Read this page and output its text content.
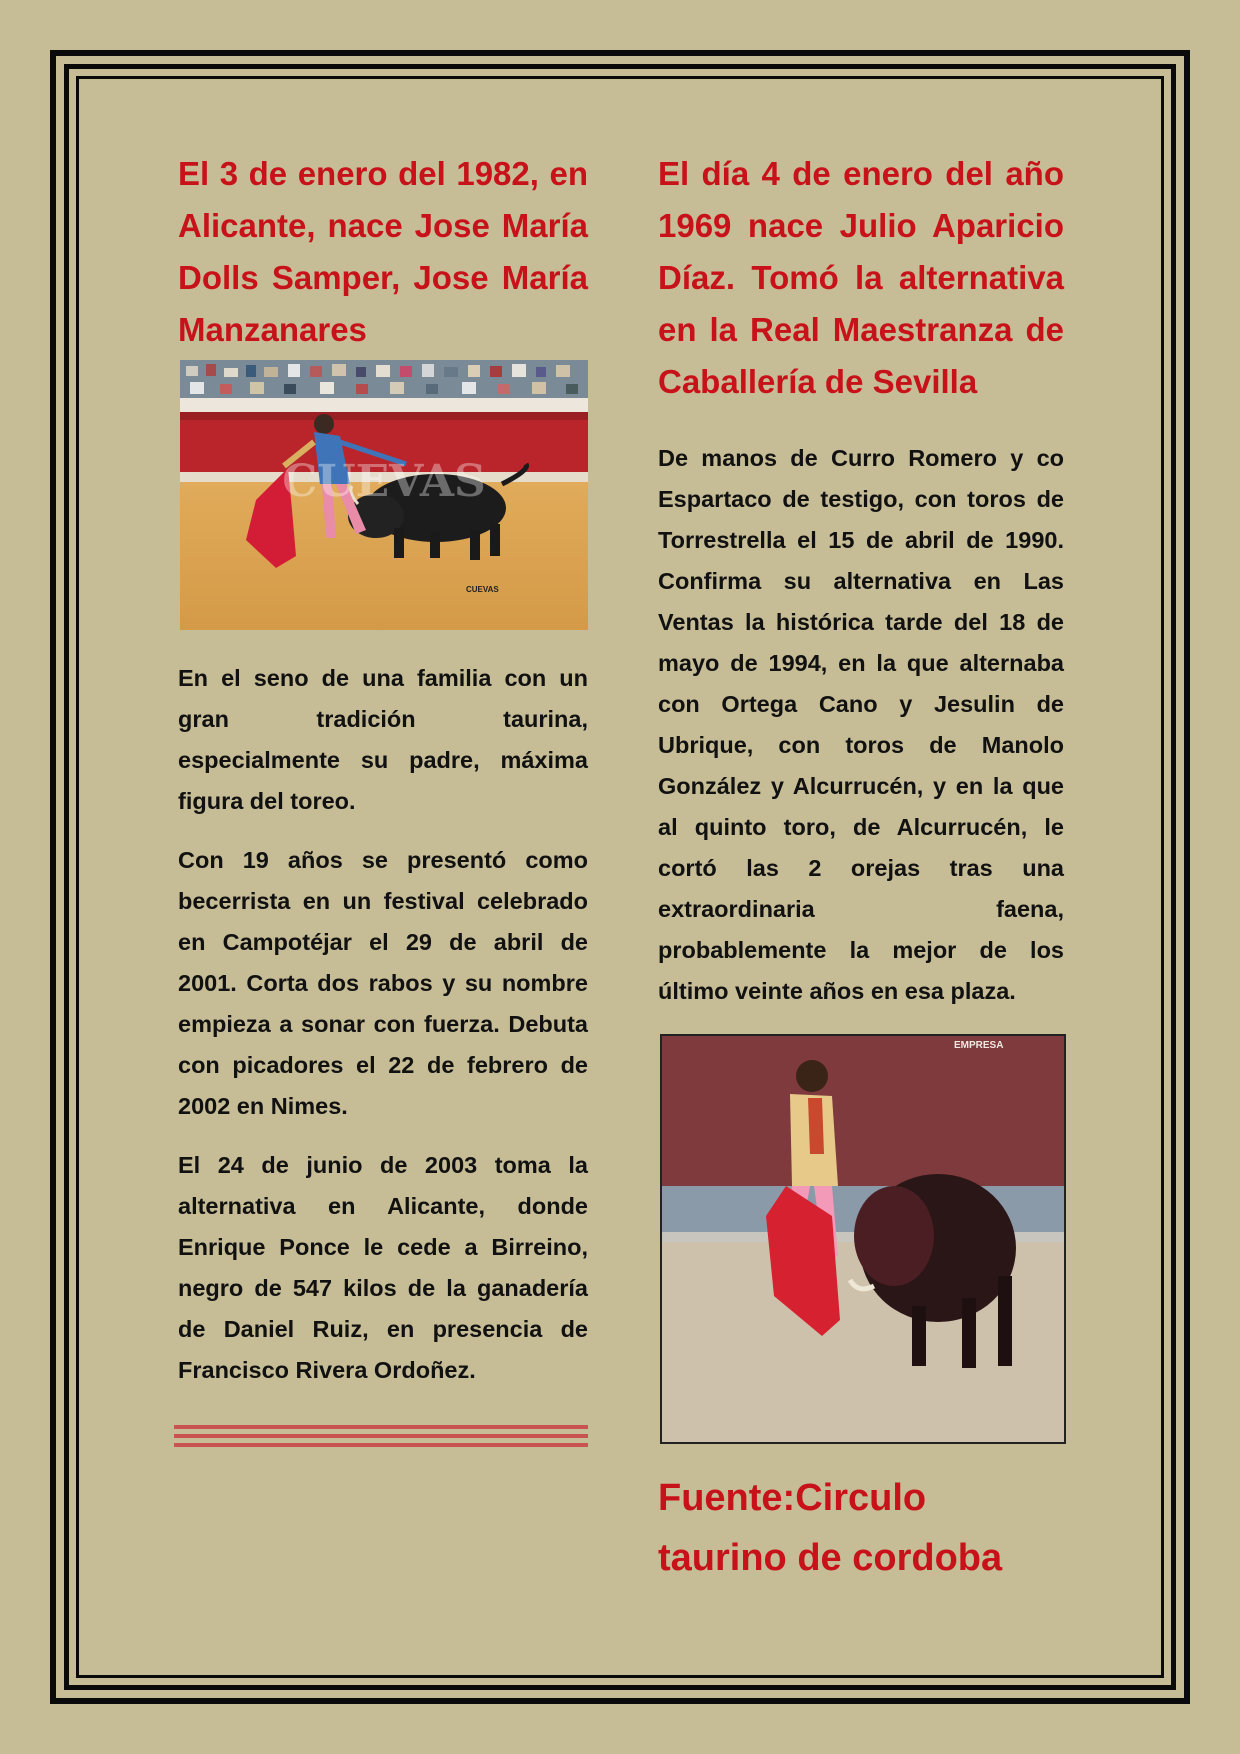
El 3 de enero del 1982, en Alicante, nace Jose María Dolls Samper, Jose María Manzanares
CUEVAS
CUEVAS

En el seno de una familia con un gran tradición taurina, especialmente su padre, máxima figura del toreo.

Con 19 años se presentó como becerrista en un festival celebrado en Campotéjar el 29 de abril de 2001. Corta dos rabos y su nombre empieza a sonar con fuerza. Debuta con picadores el 22 de febrero de 2002 en Nimes.

El 24 de junio de 2003 toma la alternativa en Alicante, donde Enrique Ponce le cede a Birreino, negro de 547 kilos de la ganadería de Daniel Ruiz, en presencia de Francisco Rivera Ordoñez.

El día 4 de enero del año 1969 nace Julio Aparicio Díaz. Tomó la alternativa en la Real Maestranza de Caballería de Sevilla

De manos de Curro Romero y co Espartaco de testigo, con toros de Torrestrella el 15 de abril de 1990. Confirma su alternativa en Las Ventas la histórica tarde del 18 de mayo de 1994, en la que alternaba con Ortega Cano y Jesulin de Ubrique, con toros de Manolo González y Alcurrucén, y en la que al quinto toro, de Alcurrucén, le cortó las 2 orejas tras una extraordinaria faena, probablemente la mejor de los último veinte años en esa plaza.

EMPRESA
Fuente:Circulo taurino de cordoba
